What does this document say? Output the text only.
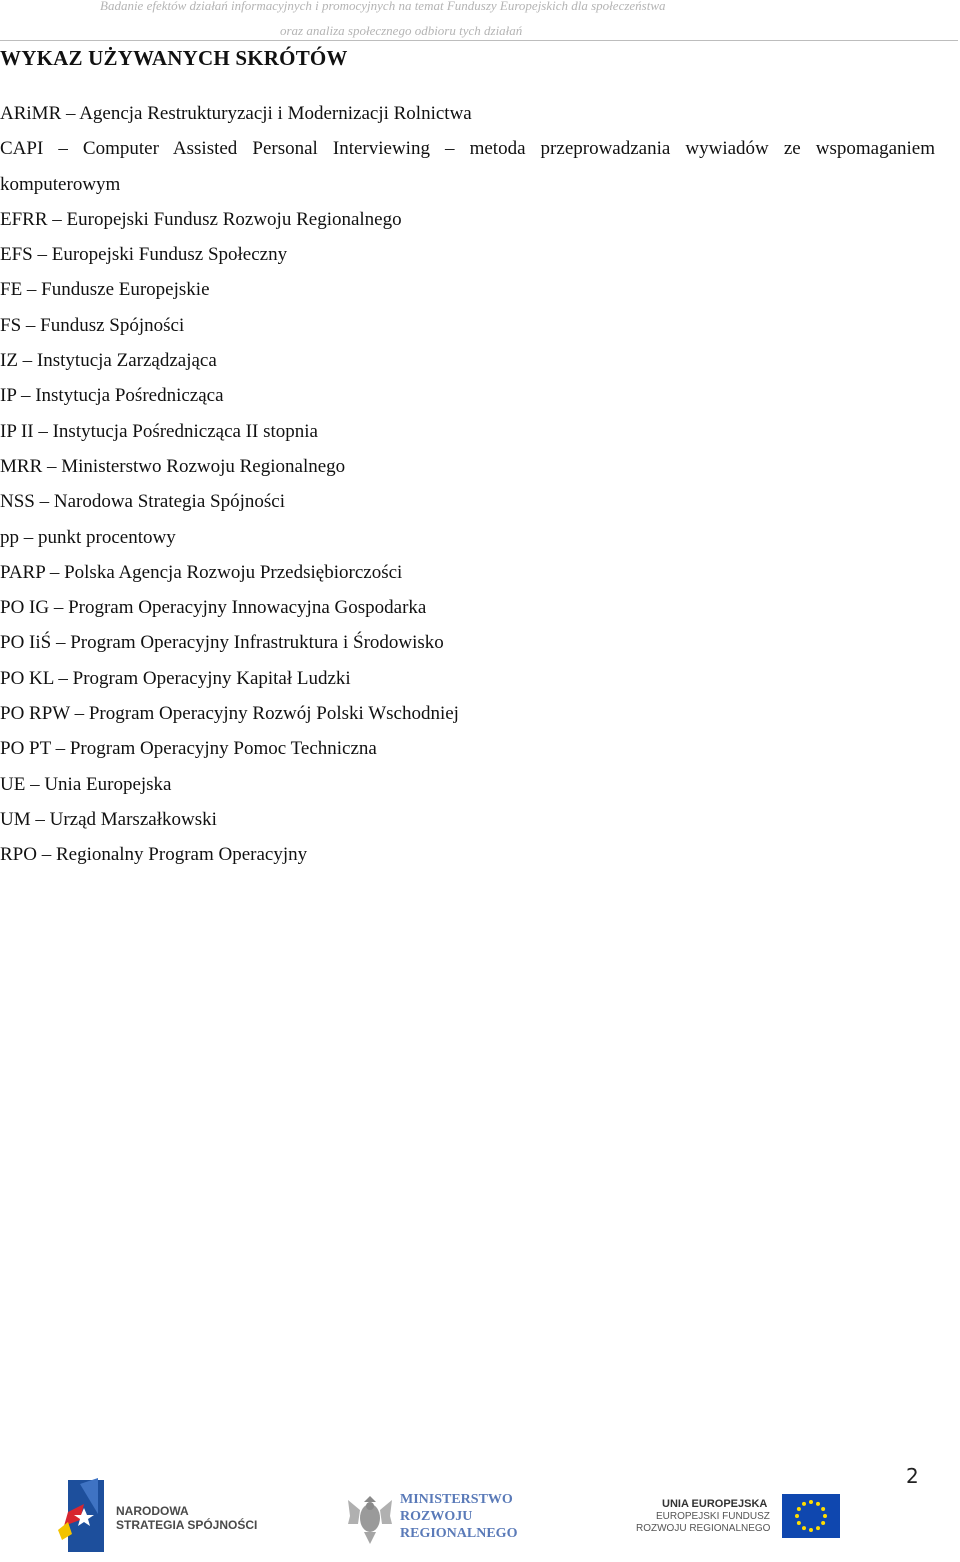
Badanie efektów działań informacyjnych i promocyjnych na temat Funduszy Europejskich dla społeczeństwa
oraz analiza społecznego odbioru tych działań
WYKAZ UŻYWANYCH SKRÓTÓW
ARiMR – Agencja Restrukturyzacji i Modernizacji Rolnictwa
CAPI – Computer Assisted Personal Interviewing – metoda przeprowadzania wywiadów ze wspomaganiem komputerowym
EFRR – Europejski Fundusz Rozwoju Regionalnego
EFS – Europejski Fundusz Społeczny
FE – Fundusze Europejskie
FS – Fundusz Spójności
IZ – Instytucja Zarządzająca
IP – Instytucja Pośrednicząca
IP II – Instytucja Pośrednicząca II stopnia
MRR – Ministerstwo Rozwoju Regionalnego
NSS – Narodowa Strategia Spójności
pp – punkt procentowy
PARP – Polska Agencja Rozwoju Przedsiębiorczości
PO IG – Program Operacyjny Innowacyjna Gospodarka
PO IiŚ – Program Operacyjny Infrastruktura i Środowisko
PO KL – Program Operacyjny Kapitał Ludzki
PO RPW – Program Operacyjny Rozwój Polski Wschodniej
PO PT – Program Operacyjny Pomoc Techniczna
UE – Unia Europejska
UM – Urząd Marszałkowski
RPO – Regionalny Program Operacyjny
2
NARODOWA
STRATEGIA SPÓJNOŚCI
MINISTERSTWO
ROZWOJU
REGIONALNEGO
UNIA EUROPEJSKA
EUROPEJSKI FUNDUSZ
ROZWOJU REGIONALNEGO
